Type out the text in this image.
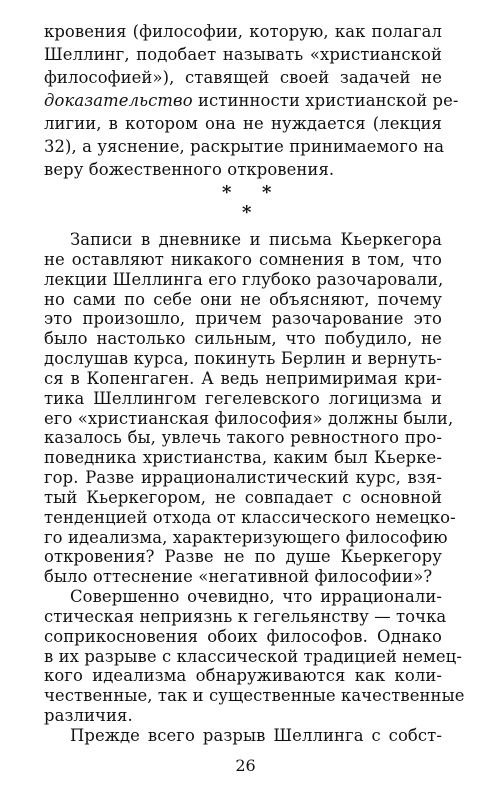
кровения (философии, которую, как полагал
Шеллинг, подобает называть «христианской
философией»), ставящей своей задачей не
доказательство истинности христианской ре-
лигии, в котором она не нуждается (лекция
32), а уяснение, раскрытие принимаемого на
веру божественного откровения.
* *
*
Записи в дневнике и письма Кьеркегора
не оставляют никакого сомнения в том, что
лекции Шеллинга его глубоко разочаровали,
но сами по себе они не объясняют, почему
это произошло, причем разочарование это
было настолько сильным, что побудило, не
дослушав курса, покинуть Берлин и вернуть-
ся в Копенгаген. А ведь непримиримая кри-
тика Шеллингом гегелевского логицизма и
его «христианская философия» должны были,
казалось бы, увлечь такого ревностного про-
поведника христианства, каким был Кьеркe-
гор. Разве иррационалистический курс, взя-
тый Кьеркегором, не совпадает с основной
тенденцией отхода от классического немецко-
го идеализма, характеризующего философию
откровения? Разве не по душе Кьеркегору
было оттеснение «негативной философии»?
Совершенно очевидно, что иррационали-
стическая неприязнь к гегельянству — точка
соприкосновения обоих философов. Однако
в их разрыве с классической традицией немец-
кого идеализма обнаруживаются как коли-
чественные, так и существенные качественные
различия.
Прежде всего разрыв Шеллинга с собст-
26
